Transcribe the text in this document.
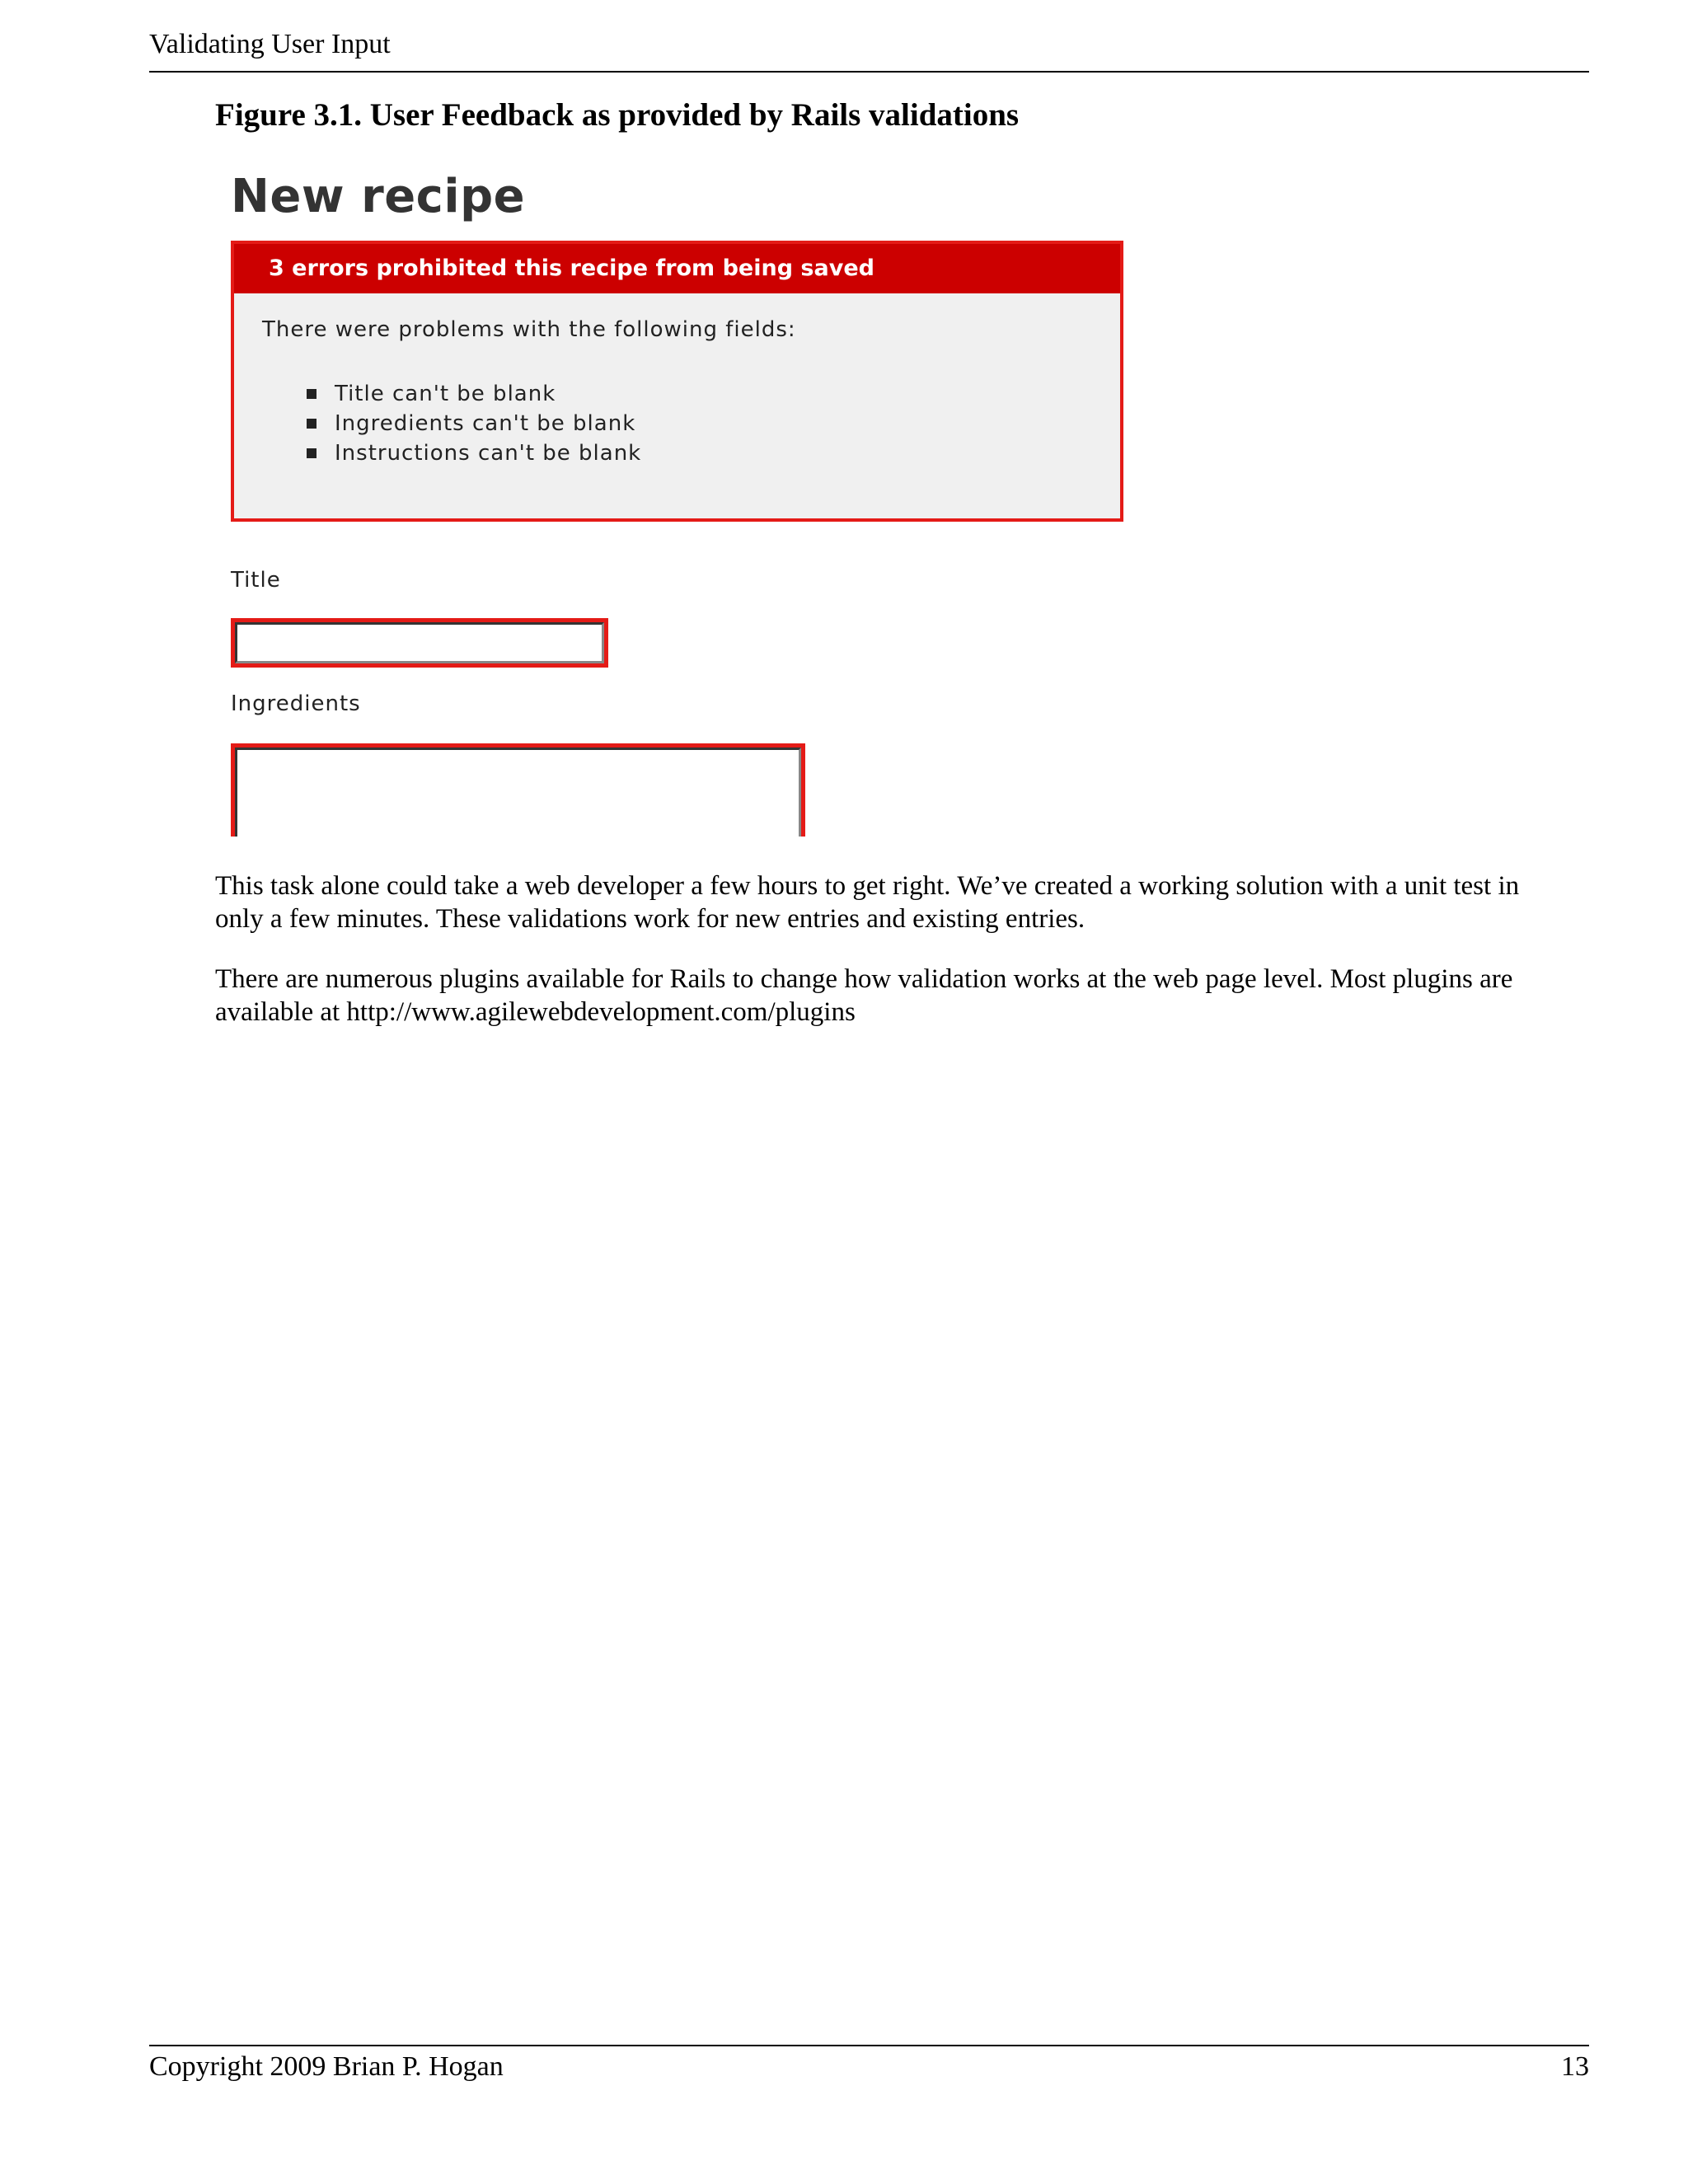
Validating User Input
Figure 3.1. User Feedback as provided by Rails validations
New recipe
3 errors prohibited this recipe from being saved
There were problems with the following fields:
Title can't be blank
Ingredients can't be blank
Instructions can't be blank
Title
Ingredients

This task alone could take a web developer a few hours to get right. We’ve created a working solution with a unit test in only a few minutes. These validations work for new entries and existing entries.

There are numerous plugins available for Rails to change how validation works at the web page level. Most plugins are available at http://www.agilewebdevelopment.com/plugins

Copyright 2009 Brian P. Hogan	13
